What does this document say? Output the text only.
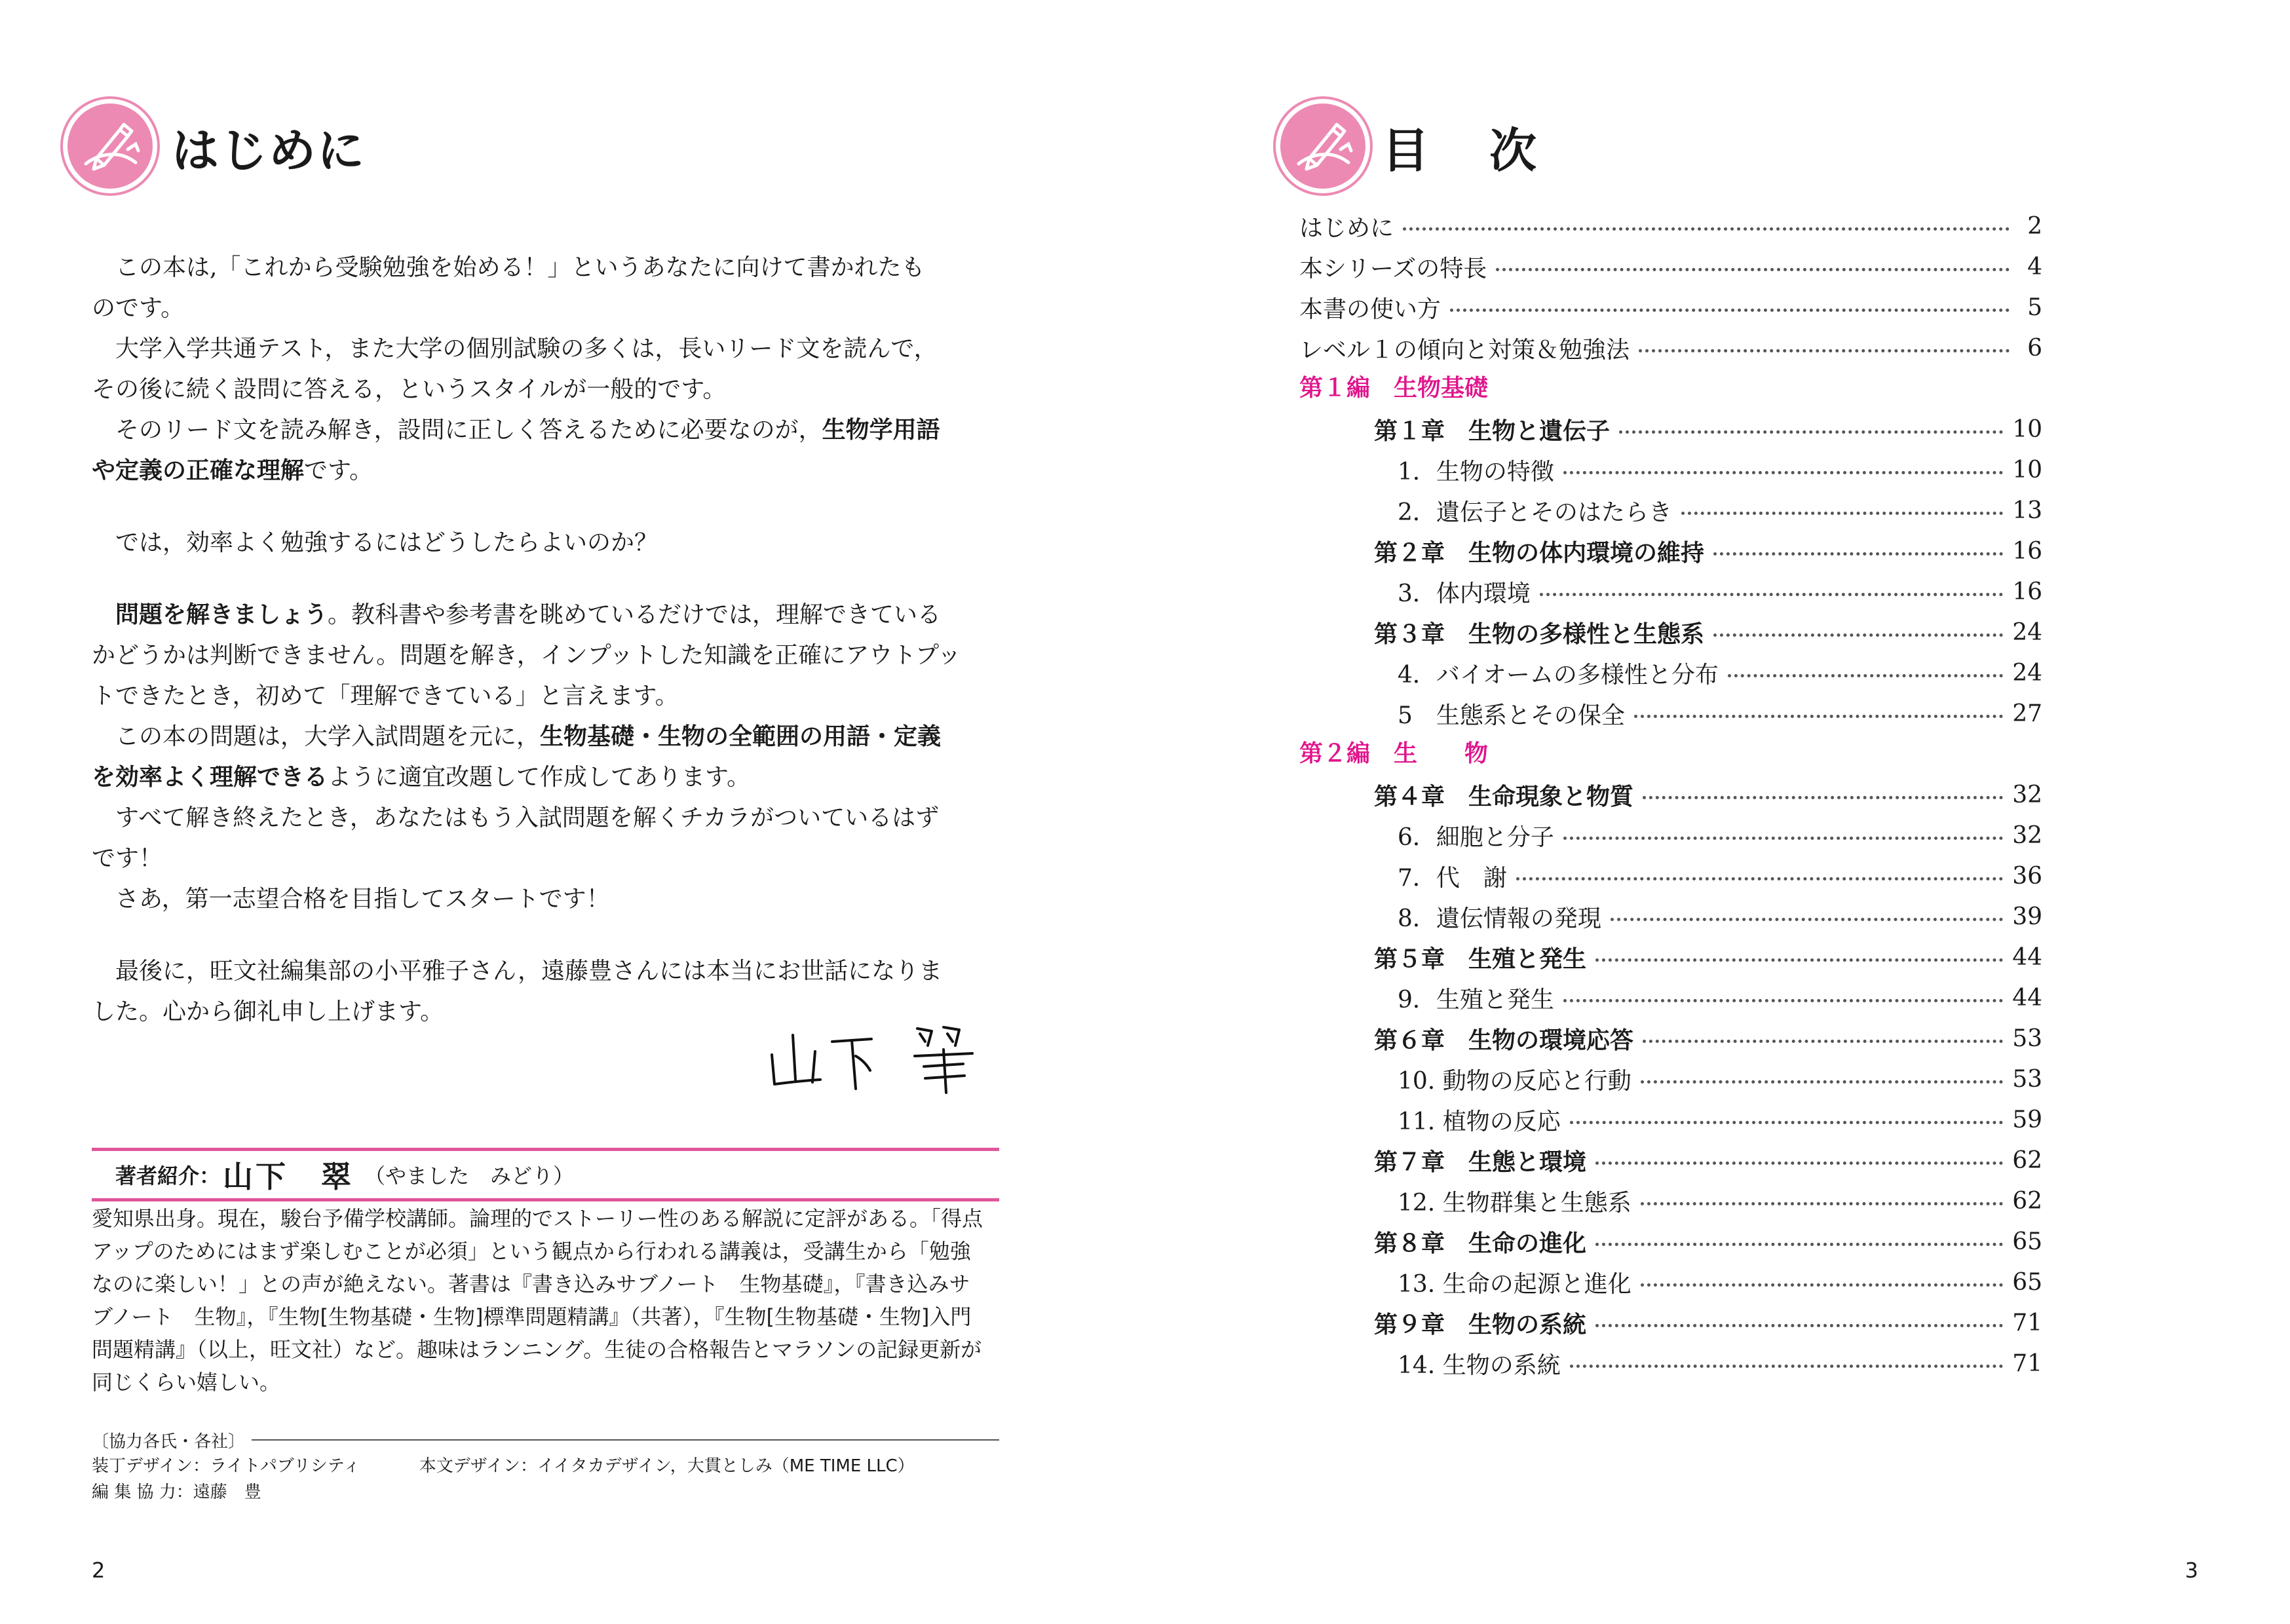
はじめに
　この本は,「これから受験勉強を始める！」というあなたに向けて書かれたも
のです。
　大学入学共通テスト，また大学の個別試験の多くは，長いリード文を読んで，
その後に続く設問に答える，というスタイルが一般的です。
　そのリード文を読み解き，設問に正しく答えるために必要なのが，生物学用語
や定義の正確な理解です。
　では，効率よく勉強するにはどうしたらよいのか？
　問題を解きましょう。教科書や参考書を眺めているだけでは，理解できている
かどうかは判断できません。問題を解き，インプットした知識を正確にアウトプッ
トできたとき，初めて「理解できている」と言えます。
　この本の問題は，大学入試問題を元に，生物基礎・生物の全範囲の用語・定義
を効率よく理解できるように適宜改題して作成してあります。
　すべて解き終えたとき，あなたはもう入試問題を解くチカラがついているはず
です！
　さあ，第一志望合格を目指してスタートです！
　最後に，旺文社編集部の小平雅子さん，遠藤豊さんには本当にお世話になりま
した。心から御礼申し上げます。
著者紹介： 山下　翠 （やました　みどり）
愛知県出身。現在，駿台予備学校講師。論理的でストーリー性のある解説に定評がある。「得点
アップのためにはまず楽しむことが必須」という観点から行われる講義は，受講生から「勉強
なのに楽しい！」との声が絶えない。著書は『書き込みサブノート　生物基礎』，『書き込みサ
ブノート　生物』，『生物[生物基礎・生物]標準問題精講』（共著），『生物[生物基礎・生物]入門
問題精講』（以上，旺文社）など。趣味はランニング。生徒の合格報告とマラソンの記録更新が
同じくらい嬉しい。
〔協力各氏・各社〕
装丁デザイン：ライトパブリシティ	本文デザイン：イイタカデザイン，大貫としみ（ME TIME LLC）
編 集 協 力：遠藤　豊
2
目　次
はじめに	2
本シリーズの特長	4
本書の使い方	5
レベル１の傾向と対策＆勉強法	6
第１編　生物基礎
第１章　生物と遺伝子	10
1．生物の特徴	10
2．遺伝子とそのはたらき	13
第２章　生物の体内環境の維持	16
3．体内環境	16
第３章　生物の多様性と生態系	24
4．バイオームの多様性と分布	24
5　生態系とその保全	27
第２編　生　　物
第４章　生命現象と物質	32
6．細胞と分子	32
7．代　謝	36
8．遺伝情報の発現	39
第５章　生殖と発生	44
9．生殖と発生	44
第６章　生物の環境応答	53
10. 動物の反応と行動	53
11. 植物の反応	59
第７章　生態と環境	62
12. 生物群集と生態系	62
第８章　生命の進化	65
13. 生命の起源と進化	65
第９章　生物の系統	71
14. 生物の系統	71
3
